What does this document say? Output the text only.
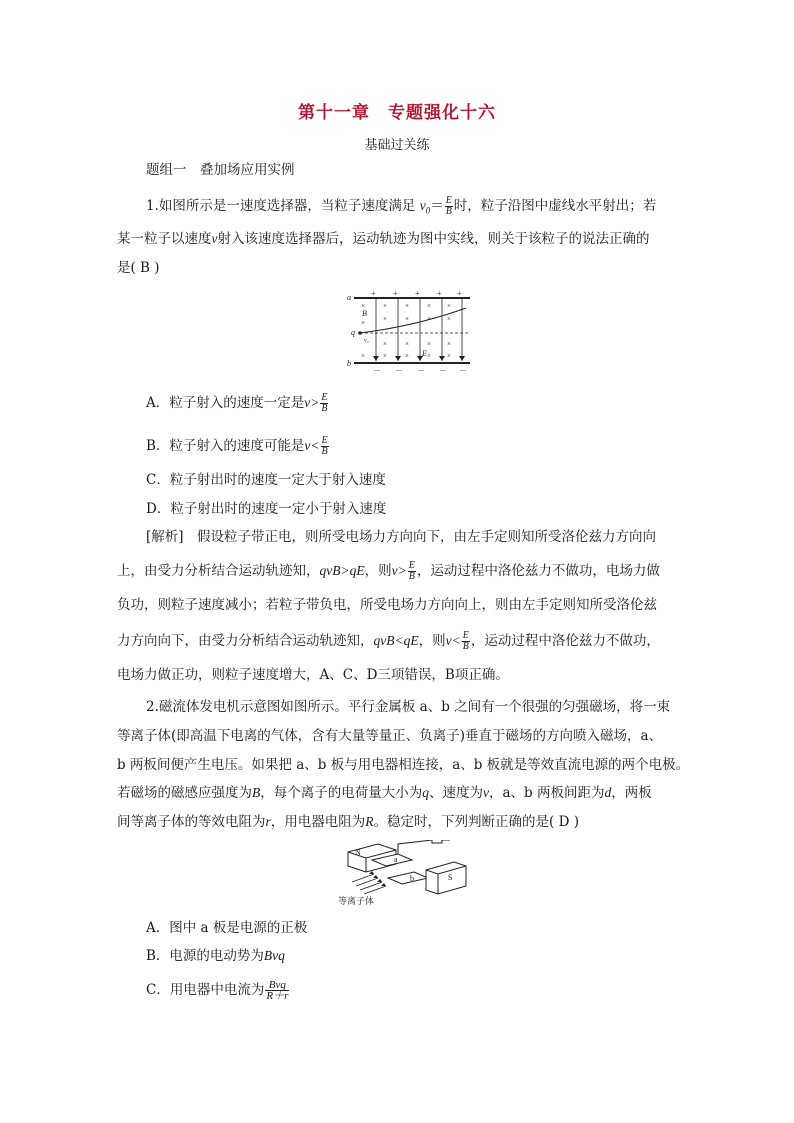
第十一章　专题强化十六
基础过关练
题组一　叠加场应用实例
1.如图所示是一速度选择器，当粒子速度满足 $v_0= \frac{E}{B}$ 时，粒子沿图中虚线水平射出；若
某一粒子以速度v射入该速度选择器后，运动轨迹为图中实线，则关于该粒子的说法正确的
是( B )
a
b
q
B
E
v₀
+ + + + +
－ － － － －
×	×	×	× ×
×	×	× ×
×
×	×	× ×
×	×	×	× ×
A．粒子射入的速度一定是$v> \frac{E}{B}$
B．粒子射入的速度可能是$v< \frac{E}{B}$
C．粒子射出时的速度一定大于射入速度
D．粒子射出时的速度一定小于射入速度
[解析]　假设粒子带正电，则所受电场力方向向下，由左手定则知所受洛伦兹力方向向
上，由受力分析结合运动轨迹知，qvB>qE，则$v> \frac{E}{B}$ ，运动过程中洛伦兹力不做功，电场力做
负功，则粒子速度减小；若粒子带负电，所受电场力方向向上，则由左手定则知所受洛伦兹
力方向向下，由受力分析结合运动轨迹知，qvB<qE，则$v< \frac{E}{B}$ ，运动过程中洛伦兹力不做功，
电场力做正功，则粒子速度增大，A、C、D三项错误，B项正确。
2.磁流体发电机示意图如图所示。平行金属板 a、b 之间有一个很强的匀强磁场，将一束
等离子体(即高温下电离的气体，含有大量等量正、负离子)垂直于磁场的方向喷入磁场，a、
b 两板间便产生电压。如果把 a、b 板与用电器相连接，a、b 板就是等效直流电源的两个电极。
若磁场的磁感应强度为B，每个离子的电荷量大小为q、速度为v，a、b 两板间距为d，两板
间等离子体的等效电阻为r，用电器电阻为R。稳定时，下列判断正确的是( D )
N
S
a
b
等离子体
A．图中 a 板是电源的正极
B．电源的电动势为Bvq
C．用电器中电流为 $\frac{\text{Bvq}}{R+r}$
